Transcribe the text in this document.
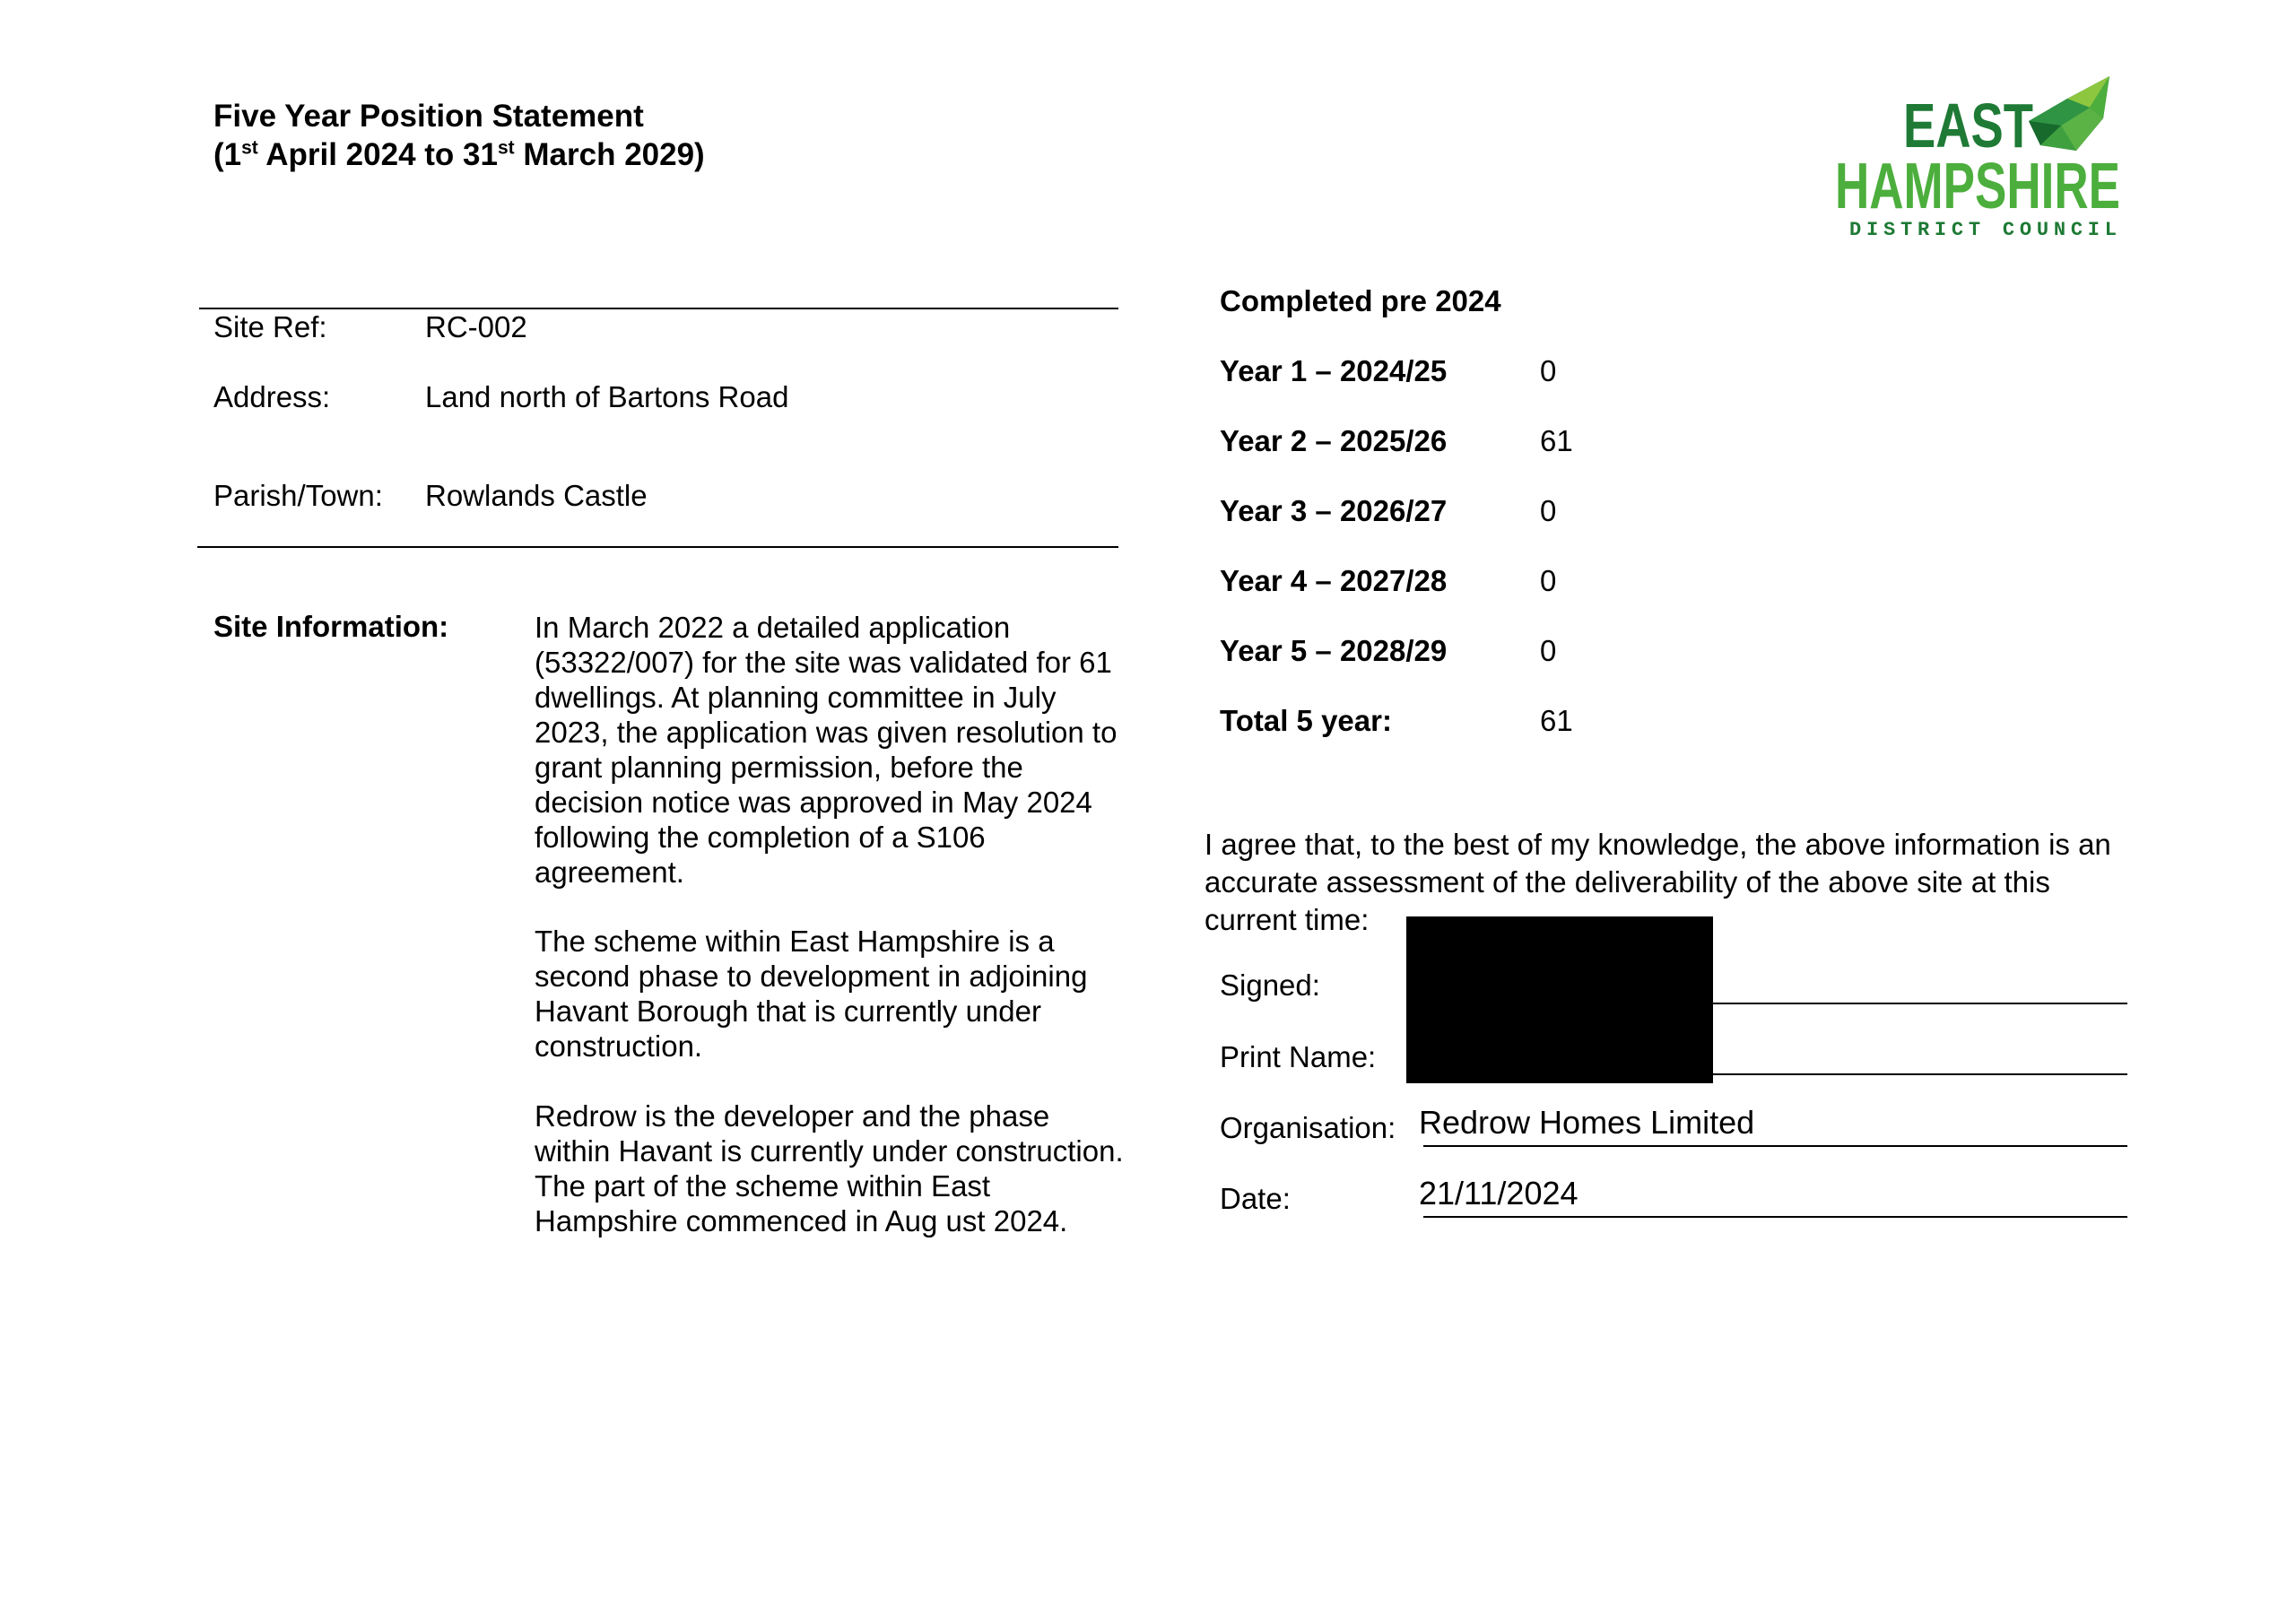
Five Year Position Statement
(1st April 2024 to 31st March 2029)	EAST
HAMPSHIRE
DISTRICT COUNCIL
Site Ref:	RC-002
Address:	Land north of Bartons Road
Parish/Town: Rowlands Castle
Site Information:	In March 2022 a detailed application (53322/007) for the site was validated for 61 dwellings. At planning committee in July 2023, the application was given resolution to grant planning permission, before the decision notice was approved in May 2024 following the completion of a S106 agreement.
The scheme within East Hampshire is a second phase to development in adjoining Havant Borough that is currently under construction.
Redrow is the developer and the phase within Havant is currently under construction. The part of the scheme within East Hampshire commenced in Aug ust 2024.
Completed pre 2024
Year 1 – 2024/25	0
Year 2 – 2025/26	61
Year 3 – 2026/27	0
Year 4 – 2027/28	0
Year 5 – 2028/29	0
Total 5 year:	61
I agree that, to the best of my knowledge, the above information is an accurate assessment of the deliverability of the above site at this current time:
Signed:
Print Name:
Organisation: Redrow Homes Limited
Date:	21/11/2024
